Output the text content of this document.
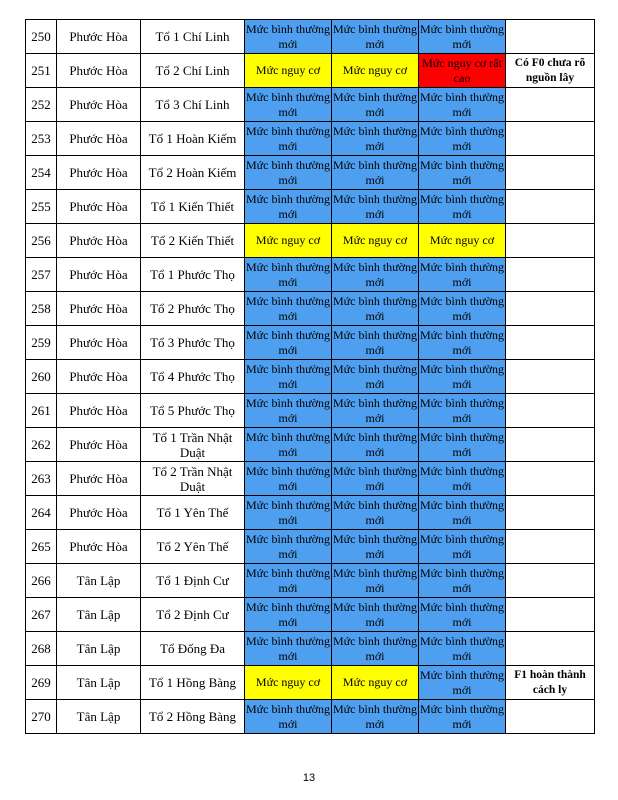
250	Phước Hòa	Tổ 1 Chí Linh	Mức bình thường mới	Mức bình thường mới	Mức bình thường mới	
251	Phước Hòa	Tổ 2 Chí Linh	Mức nguy cơ	Mức nguy cơ	Mức nguy cơ rất cao	Có F0 chưa rõ nguồn lây
252	Phước Hòa	Tổ 3 Chí Linh	Mức bình thường mới	Mức bình thường mới	Mức bình thường mới	
253	Phước Hòa	Tổ 1 Hoàn Kiếm	Mức bình thường mới	Mức bình thường mới	Mức bình thường mới	
254	Phước Hòa	Tổ 2 Hoàn Kiếm	Mức bình thường mới	Mức bình thường mới	Mức bình thường mới	
255	Phước Hòa	Tổ 1 Kiến Thiết	Mức bình thường mới	Mức bình thường mới	Mức bình thường mới	
256	Phước Hòa	Tổ 2 Kiến Thiết	Mức nguy cơ	Mức nguy cơ	Mức nguy cơ	
257	Phước Hòa	Tổ 1 Phước Thọ	Mức bình thường mới	Mức bình thường mới	Mức bình thường mới	
258	Phước Hòa	Tổ 2 Phước Thọ	Mức bình thường mới	Mức bình thường mới	Mức bình thường mới	
259	Phước Hòa	Tổ 3 Phước Thọ	Mức bình thường mới	Mức bình thường mới	Mức bình thường mới	
260	Phước Hòa	Tổ 4 Phước Thọ	Mức bình thường mới	Mức bình thường mới	Mức bình thường mới	
261	Phước Hòa	Tổ 5 Phước Thọ	Mức bình thường mới	Mức bình thường mới	Mức bình thường mới	
262	Phước Hòa	Tổ 1 Trần Nhật Duật	Mức bình thường mới	Mức bình thường mới	Mức bình thường mới	
263	Phước Hòa	Tổ 2 Trần Nhật Duật	Mức bình thường mới	Mức bình thường mới	Mức bình thường mới	
264	Phước Hòa	Tổ 1 Yên Thế	Mức bình thường mới	Mức bình thường mới	Mức bình thường mới	
265	Phước Hòa	Tổ 2 Yên Thế	Mức bình thường mới	Mức bình thường mới	Mức bình thường mới	
266	Tân Lập	Tổ 1 Định Cư	Mức bình thường mới	Mức bình thường mới	Mức bình thường mới	
267	Tân Lập	Tổ 2 Định Cư	Mức bình thường mới	Mức bình thường mới	Mức bình thường mới	
268	Tân Lập	Tổ Đống Đa	Mức bình thường mới	Mức bình thường mới	Mức bình thường mới	
269	Tân Lập	Tổ 1 Hồng Bàng	Mức nguy cơ	Mức nguy cơ	Mức bình thường mới	F1 hoàn thành cách ly
270	Tân Lập	Tổ 2 Hồng Bàng	Mức bình thường mới	Mức bình thường mới	Mức bình thường mới	
13
